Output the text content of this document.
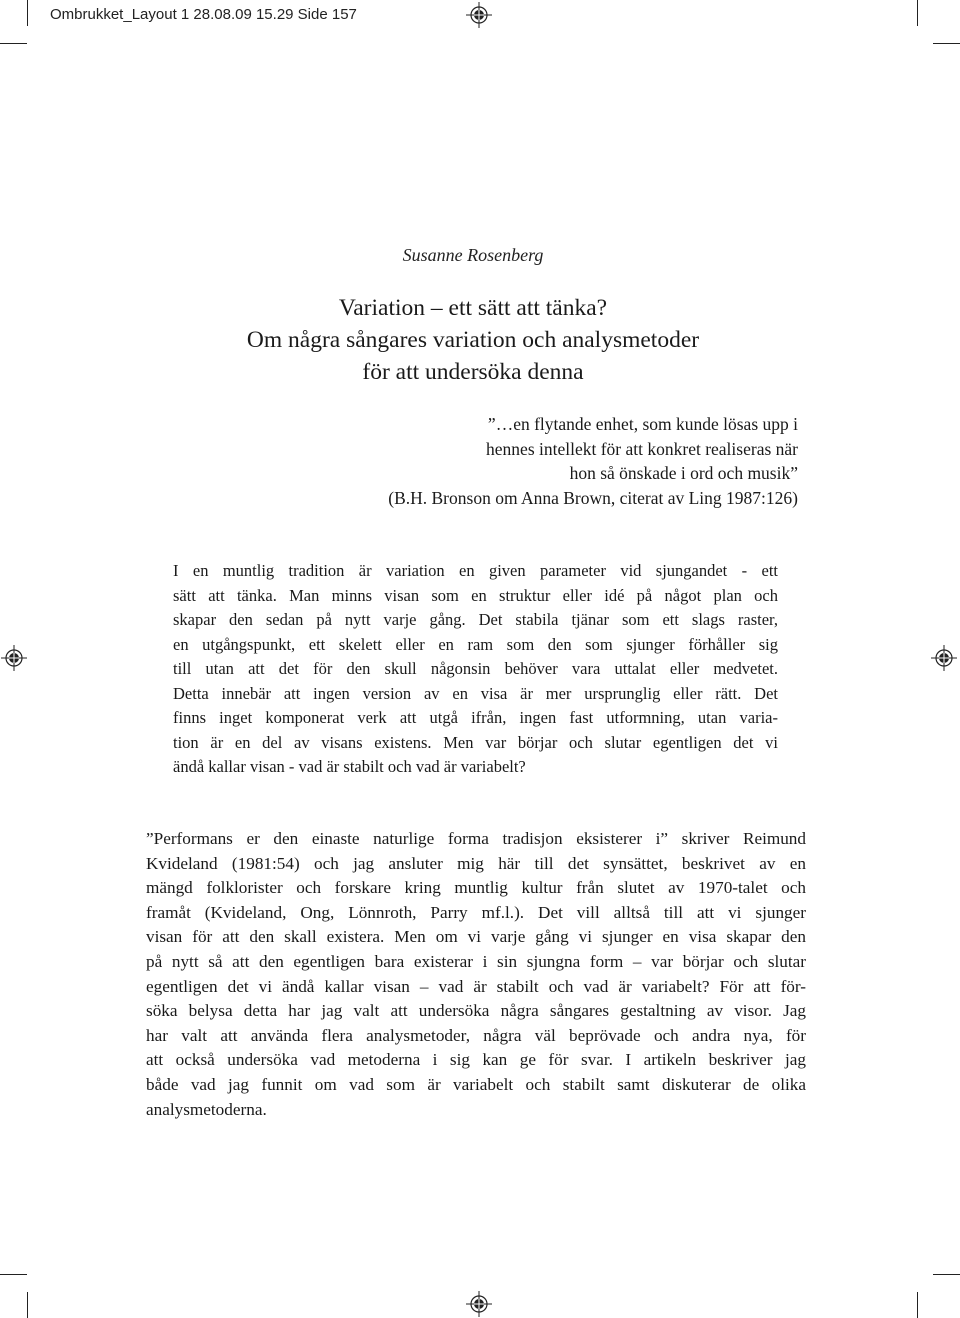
Ombrukket_Layout 1 28.08.09 15.29 Side 157
Susanne Rosenberg
Variation – ett sätt att tänka?
Om några sångares variation och analysmetoder
för att undersöka denna
”…en flytande enhet, som kunde lösas upp i
hennes intellekt för att konkret realiseras när
hon så önskade i ord och musik”
(B.H. Bronson om Anna Brown, citerat av Ling 1987:126)
I en muntlig tradition är variation en given parameter vid sjungandet - ett
sätt att tänka. Man minns visan som en struktur eller idé på något plan och
skapar den sedan på nytt varje gång. Det stabila tjänar som ett slags raster,
en utgångspunkt, ett skelett eller en ram som den som sjunger förhåller sig
till utan att det för den skull någonsin behöver vara uttalat eller medvetet.
Detta innebär att ingen version av en visa är mer ursprunglig eller rätt. Det
finns inget komponerat verk att utgå ifrån, ingen fast utformning, utan varia-
tion är en del av visans existens. Men var börjar och slutar egentligen det vi
ändå kallar visan - vad är stabilt och vad är variabelt?
”Performans er den einaste naturlige forma tradisjon eksisterer i” skriver Reimund
Kvideland (1981:54) och jag ansluter mig här till det synsättet, beskrivet av en
mängd folklorister och forskare kring muntlig kultur från slutet av 1970-talet och
framåt (Kvideland, Ong, Lönnroth, Parry mf.l.). Det vill alltså till att vi sjunger
visan för att den skall existera. Men om vi varje gång vi sjunger en visa skapar den
på nytt så att den egentligen bara existerar i sin sjungna form – var börjar och slutar
egentligen det vi ändå kallar visan – vad är stabilt och vad är variabelt? För att för-
söka belysa detta har jag valt att undersöka några sångares gestaltning av visor. Jag
har valt att använda flera analysmetoder, några väl beprövade och andra nya, för
att också undersöka vad metoderna i sig kan ge för svar. I artikeln beskriver jag
både vad jag funnit om vad som är variabelt och stabilt samt diskuterar de olika
analysmetoderna.
